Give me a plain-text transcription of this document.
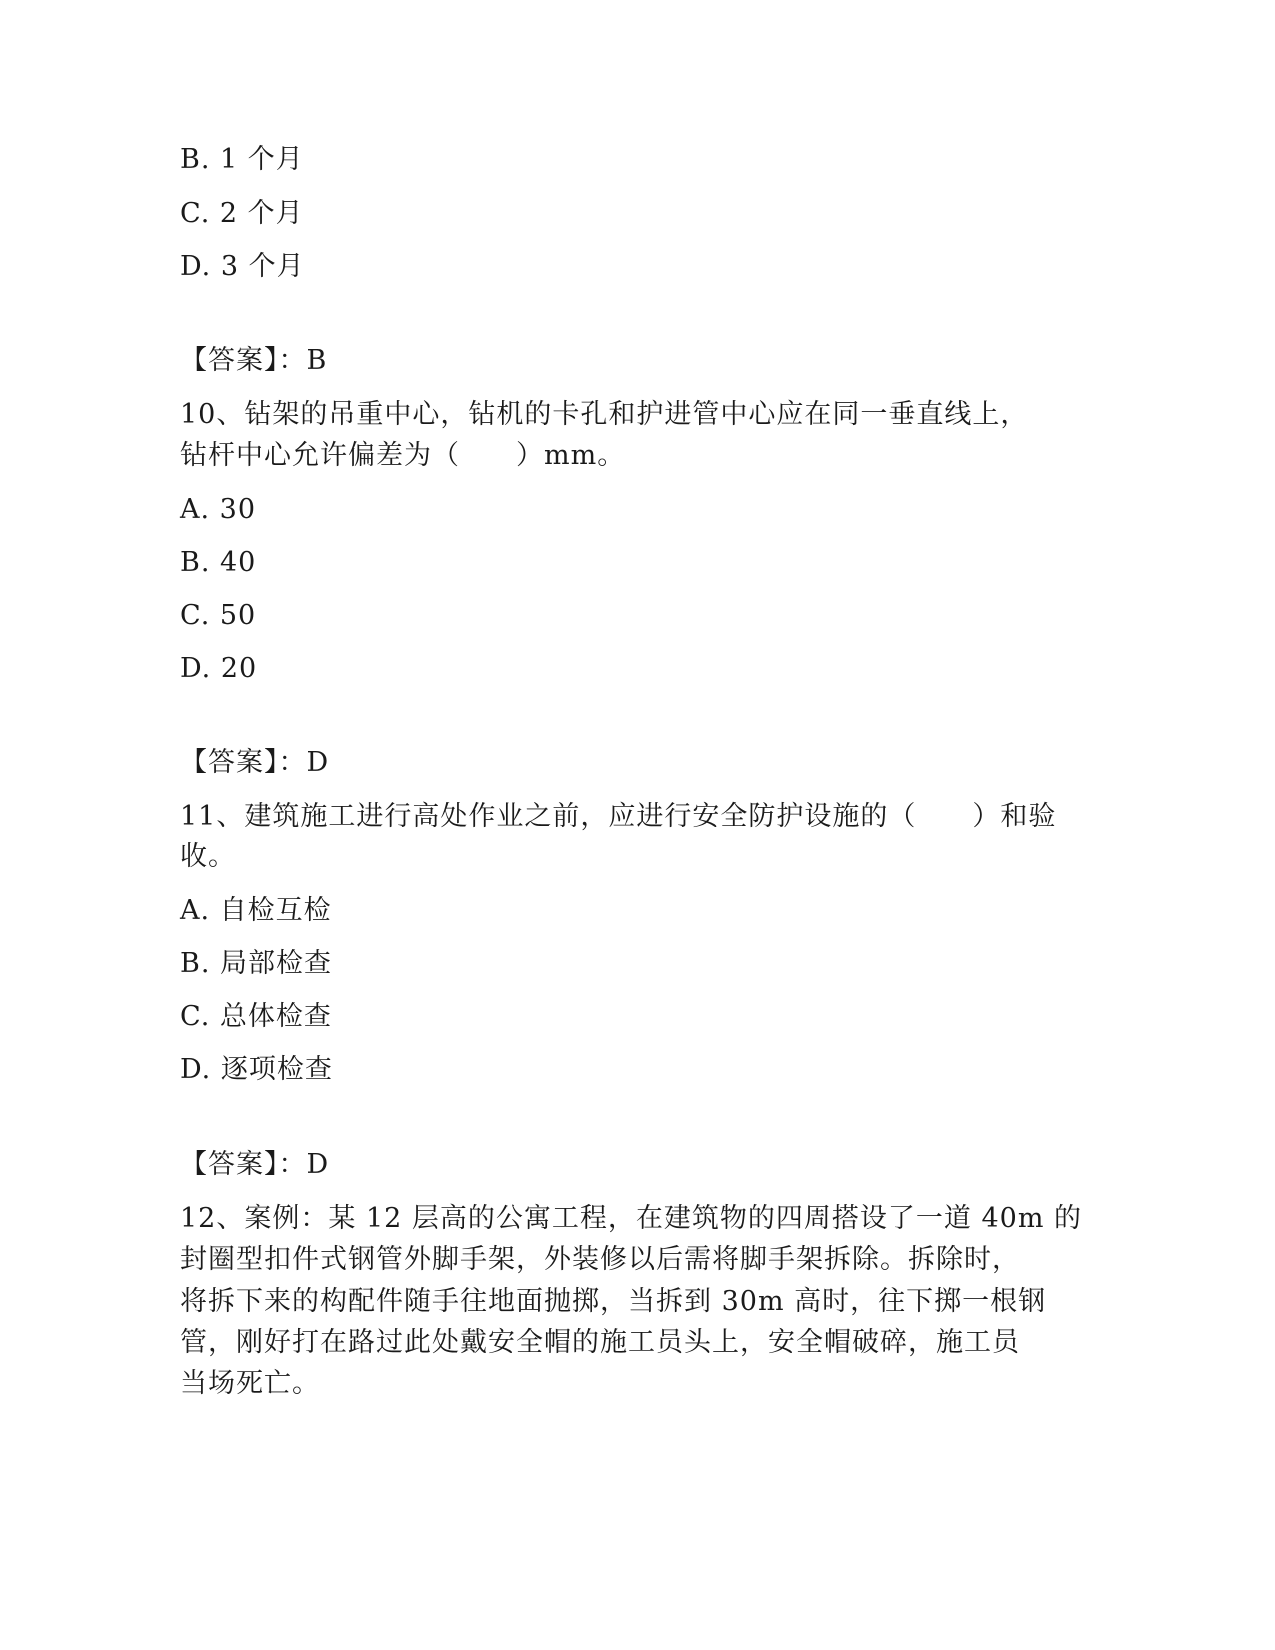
B. 1 个月
C. 2 个月
D. 3 个月
【答案】：B
10、钻架的吊重中心，钻机的卡孔和护进管中心应在同一垂直线上，
钻杆中心允许偏差为（　　）mm。
A. 30
B. 40
C. 50
D. 20
【答案】：D
11、建筑施工进行高处作业之前，应进行安全防护设施的（　　）和验
收。
A. 自检互检
B. 局部检查
C. 总体检查
D. 逐项检查
【答案】：D
12、案例：某 12 层高的公寓工程，在建筑物的四周搭设了一道 40m 的
封圈型扣件式钢管外脚手架，外装修以后需将脚手架拆除。拆除时，
将拆下来的构配件随手往地面抛掷，当拆到 30m 高时，往下掷一根钢
管，刚好打在路过此处戴安全帽的施工员头上，安全帽破碎，施工员
当场死亡。
